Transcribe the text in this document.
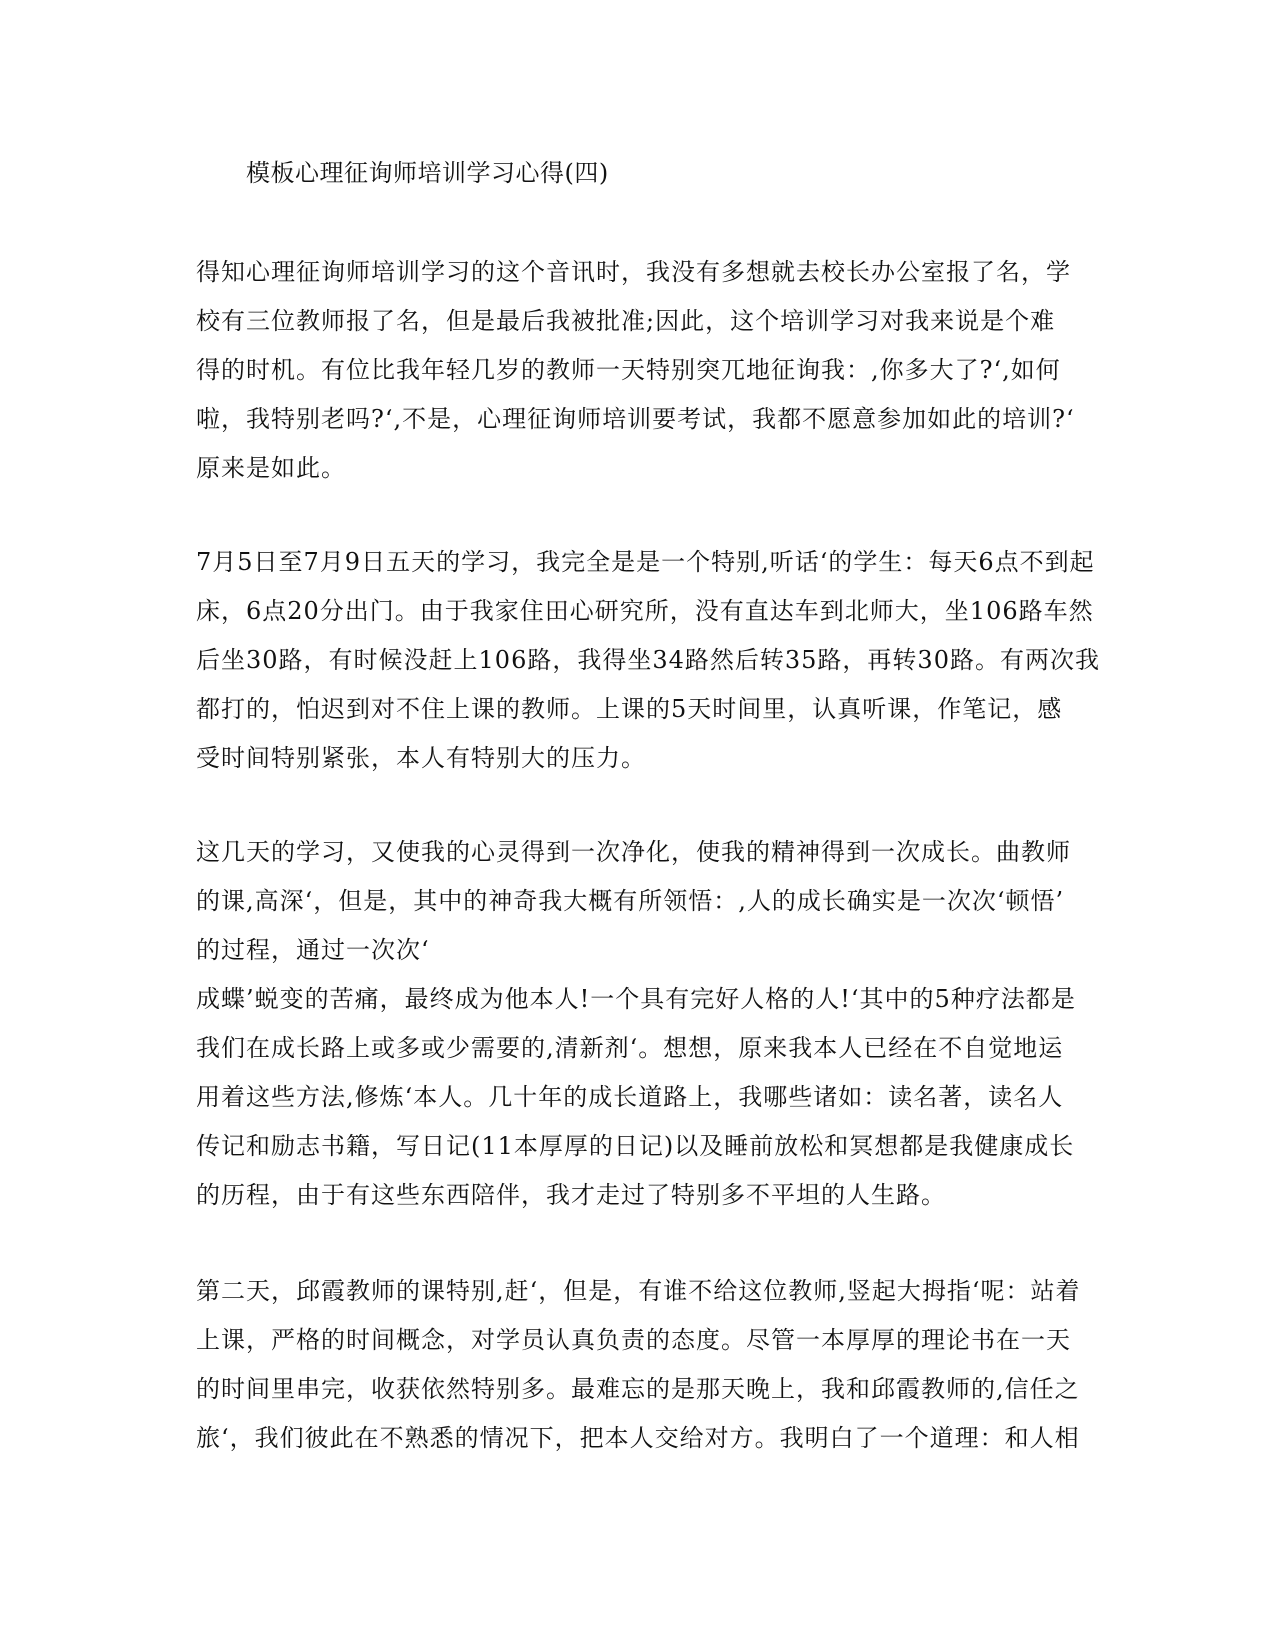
模板心理征询师培训学习心得(四)
得知心理征询师培训学习的这个音讯时，我没有多想就去校长办公室报了名，学
校有三位教师报了名，但是最后我被批准;因此，这个培训学习对我来说是个难
得的时机。有位比我年轻几岁的教师一天特别突兀地征询我：,你多大了?‘,如何
啦，我特别老吗?‘,不是，心理征询师培训要考试，我都不愿意参加如此的培训?‘
原来是如此。
7月5日至7月9日五天的学习，我完全是是一个特别,听话‘的学生：每天6点不到起
床，6点20分出门。由于我家住田心研究所，没有直达车到北师大，坐106路车然
后坐30路，有时候没赶上106路，我得坐34路然后转35路，再转30路。有两次我
都打的，怕迟到对不住上课的教师。上课的5天时间里，认真听课，作笔记，感
受时间特别紧张，本人有特别大的压力。
这几天的学习，又使我的心灵得到一次净化，使我的精神得到一次成长。曲教师
的课,高深‘，但是，其中的神奇我大概有所领悟：,人的成长确实是一次次‘顿悟’
的过程，通过一次次‘
成蝶’蜕变的苦痛，最终成为他本人!一个具有完好人格的人!‘其中的5种疗法都是
我们在成长路上或多或少需要的,清新剂‘。想想，原来我本人已经在不自觉地运
用着这些方法,修炼‘本人。几十年的成长道路上，我哪些诸如：读名著，读名人
传记和励志书籍，写日记(11本厚厚的日记)以及睡前放松和冥想都是我健康成长
的历程，由于有这些东西陪伴，我才走过了特别多不平坦的人生路。
第二天，邱霞教师的课特别,赶‘，但是，有谁不给这位教师,竖起大拇指‘呢：站着
上课，严格的时间概念，对学员认真负责的态度。尽管一本厚厚的理论书在一天
的时间里串完，收获依然特别多。最难忘的是那天晚上，我和邱霞教师的,信任之
旅‘，我们彼此在不熟悉的情况下，把本人交给对方。我明白了一个道理：和人相
